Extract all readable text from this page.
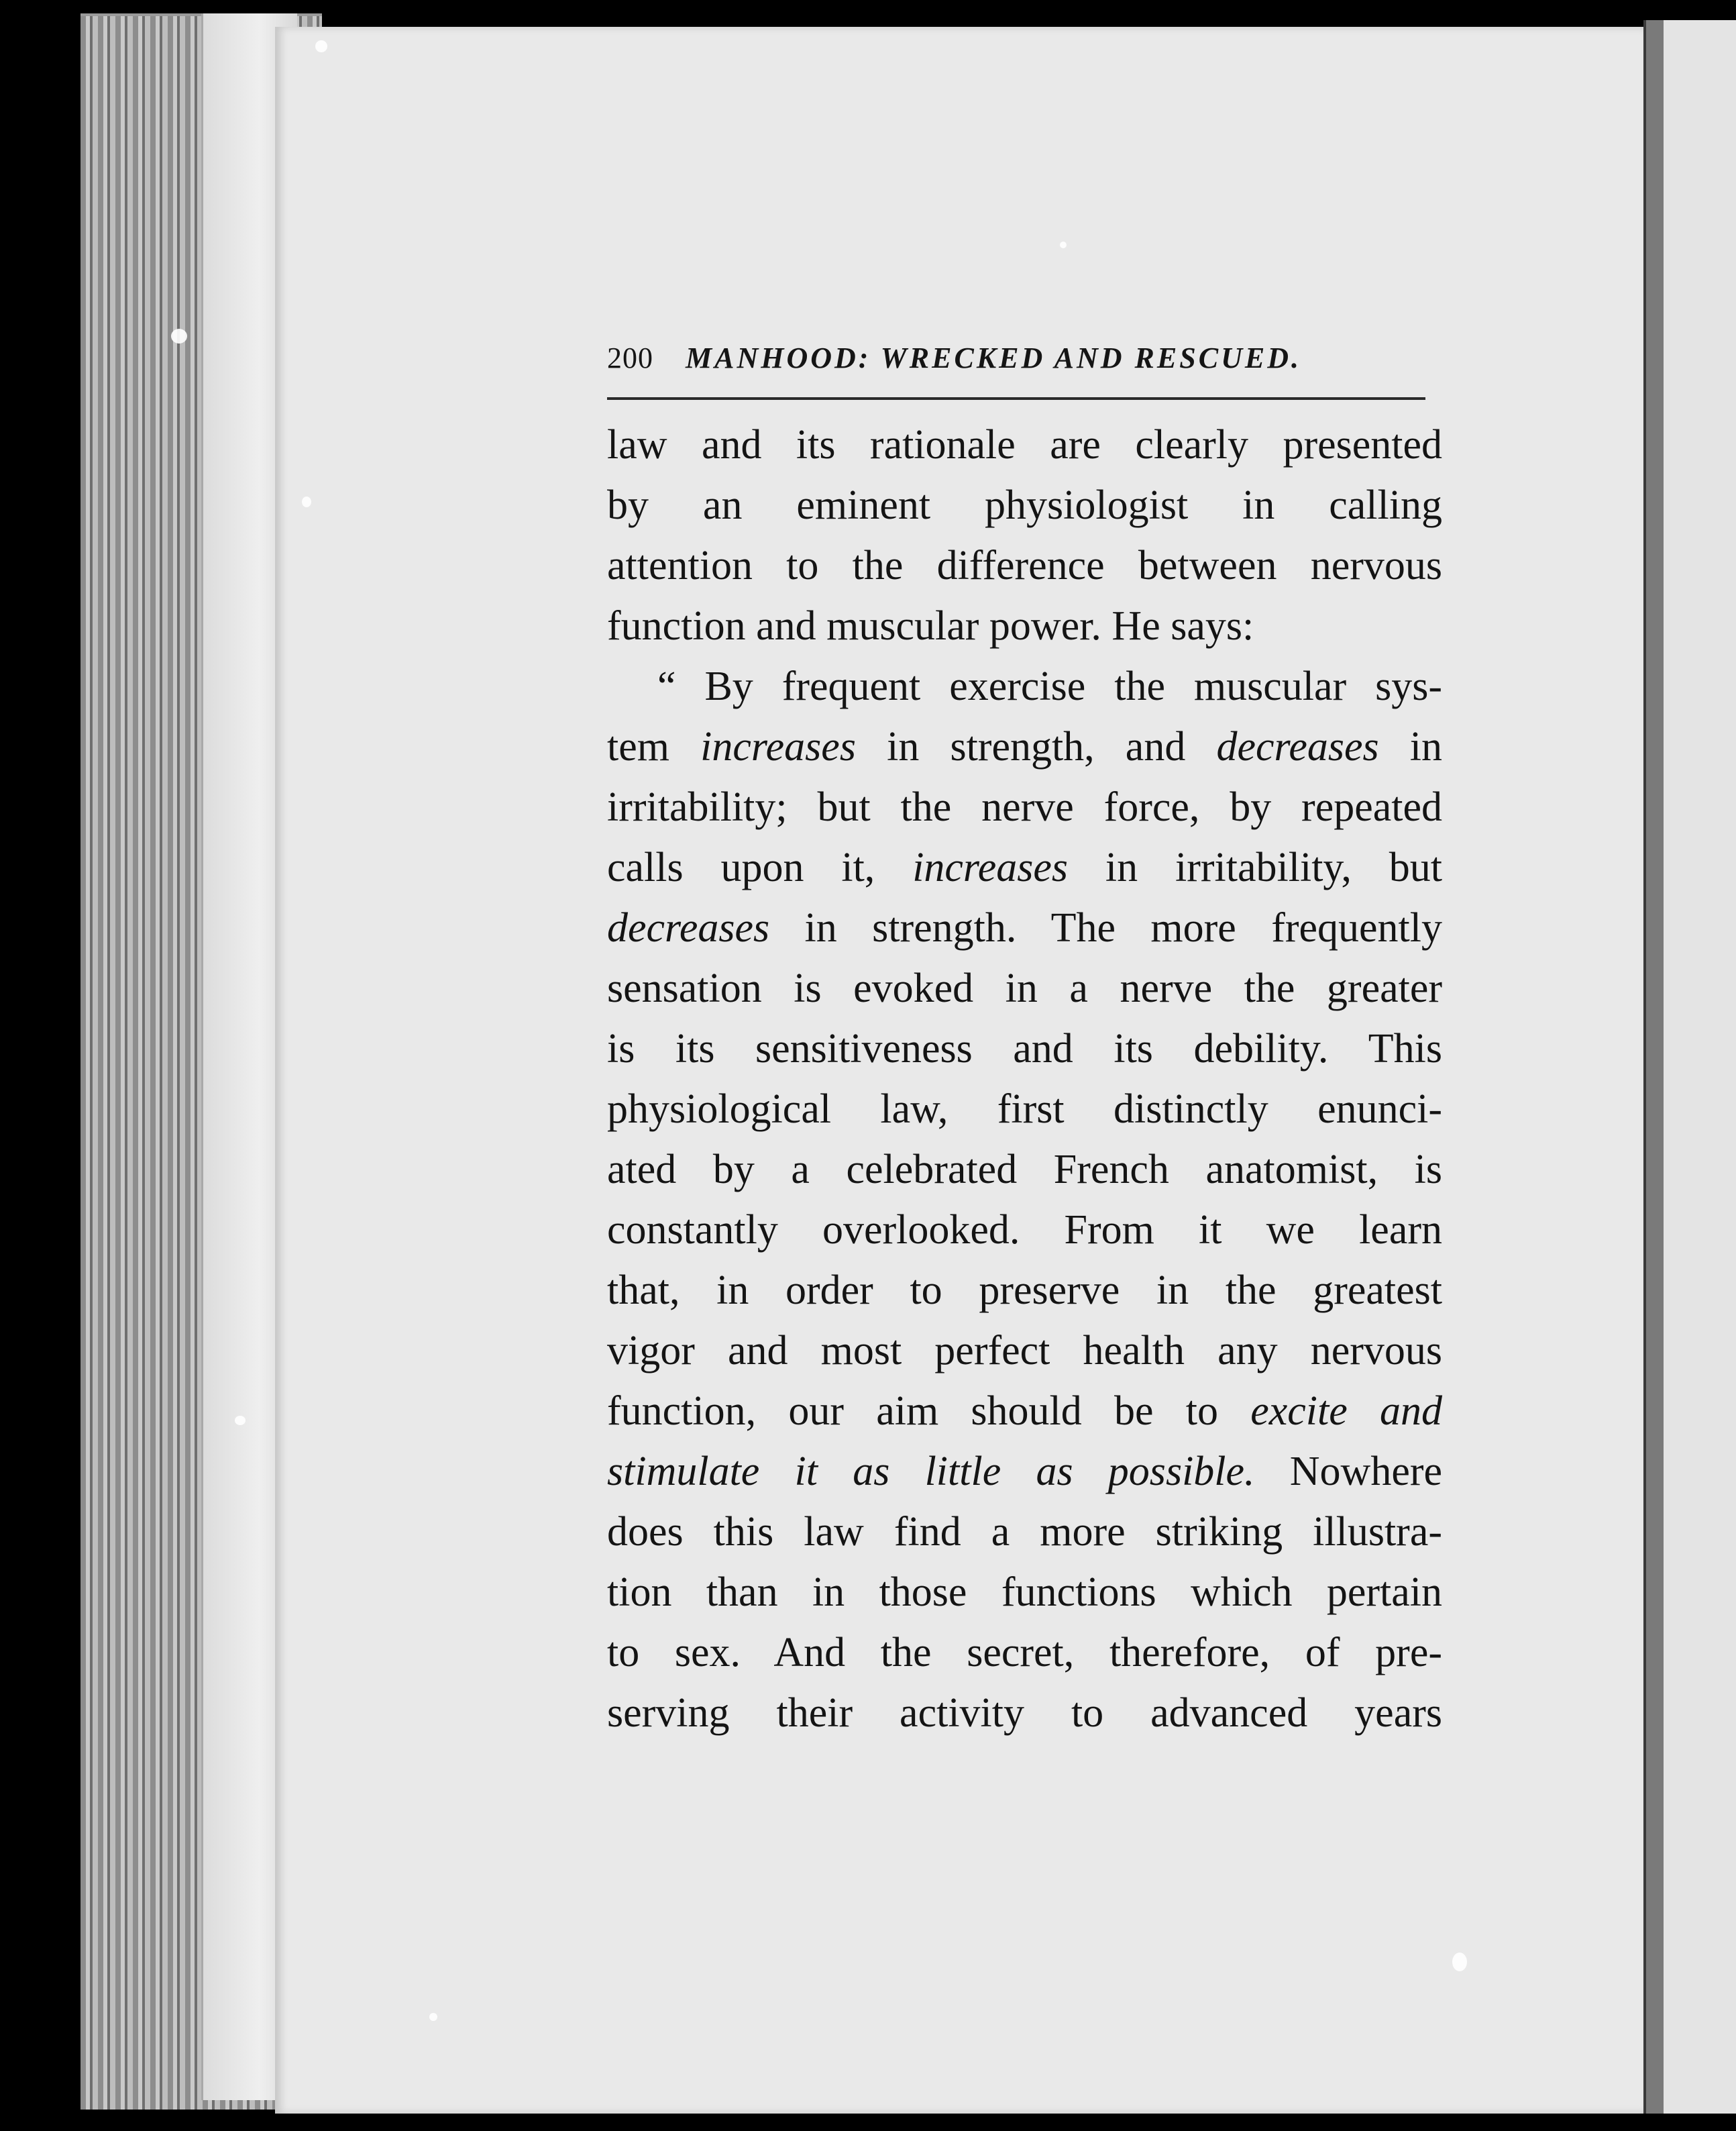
200 MANHOOD: WRECKED AND RESCUED.
law and its rationale are clearly presented
by an eminent physiologist in calling
attention to the difference between nervous
function and muscular power. He says:
“ By frequent exercise the muscular sys-
tem increases in strength, and decreases in
irritability; but the nerve force, by repeated
calls upon it, increases in irritability, but
decreases in strength. The more frequently
sensation is evoked in a nerve the greater
is its sensitiveness and its debility. This
physiological law, first distinctly enunci-
ated by a celebrated French anatomist, is
constantly overlooked. From it we learn
that, in order to preserve in the greatest
vigor and most perfect health any nervous
function, our aim should be to excite and
stimulate it as little as possible. Nowhere
does this law find a more striking illustra-
tion than in those functions which pertain
to sex. And the secret, therefore, of pre-
serving their activity to advanced years
